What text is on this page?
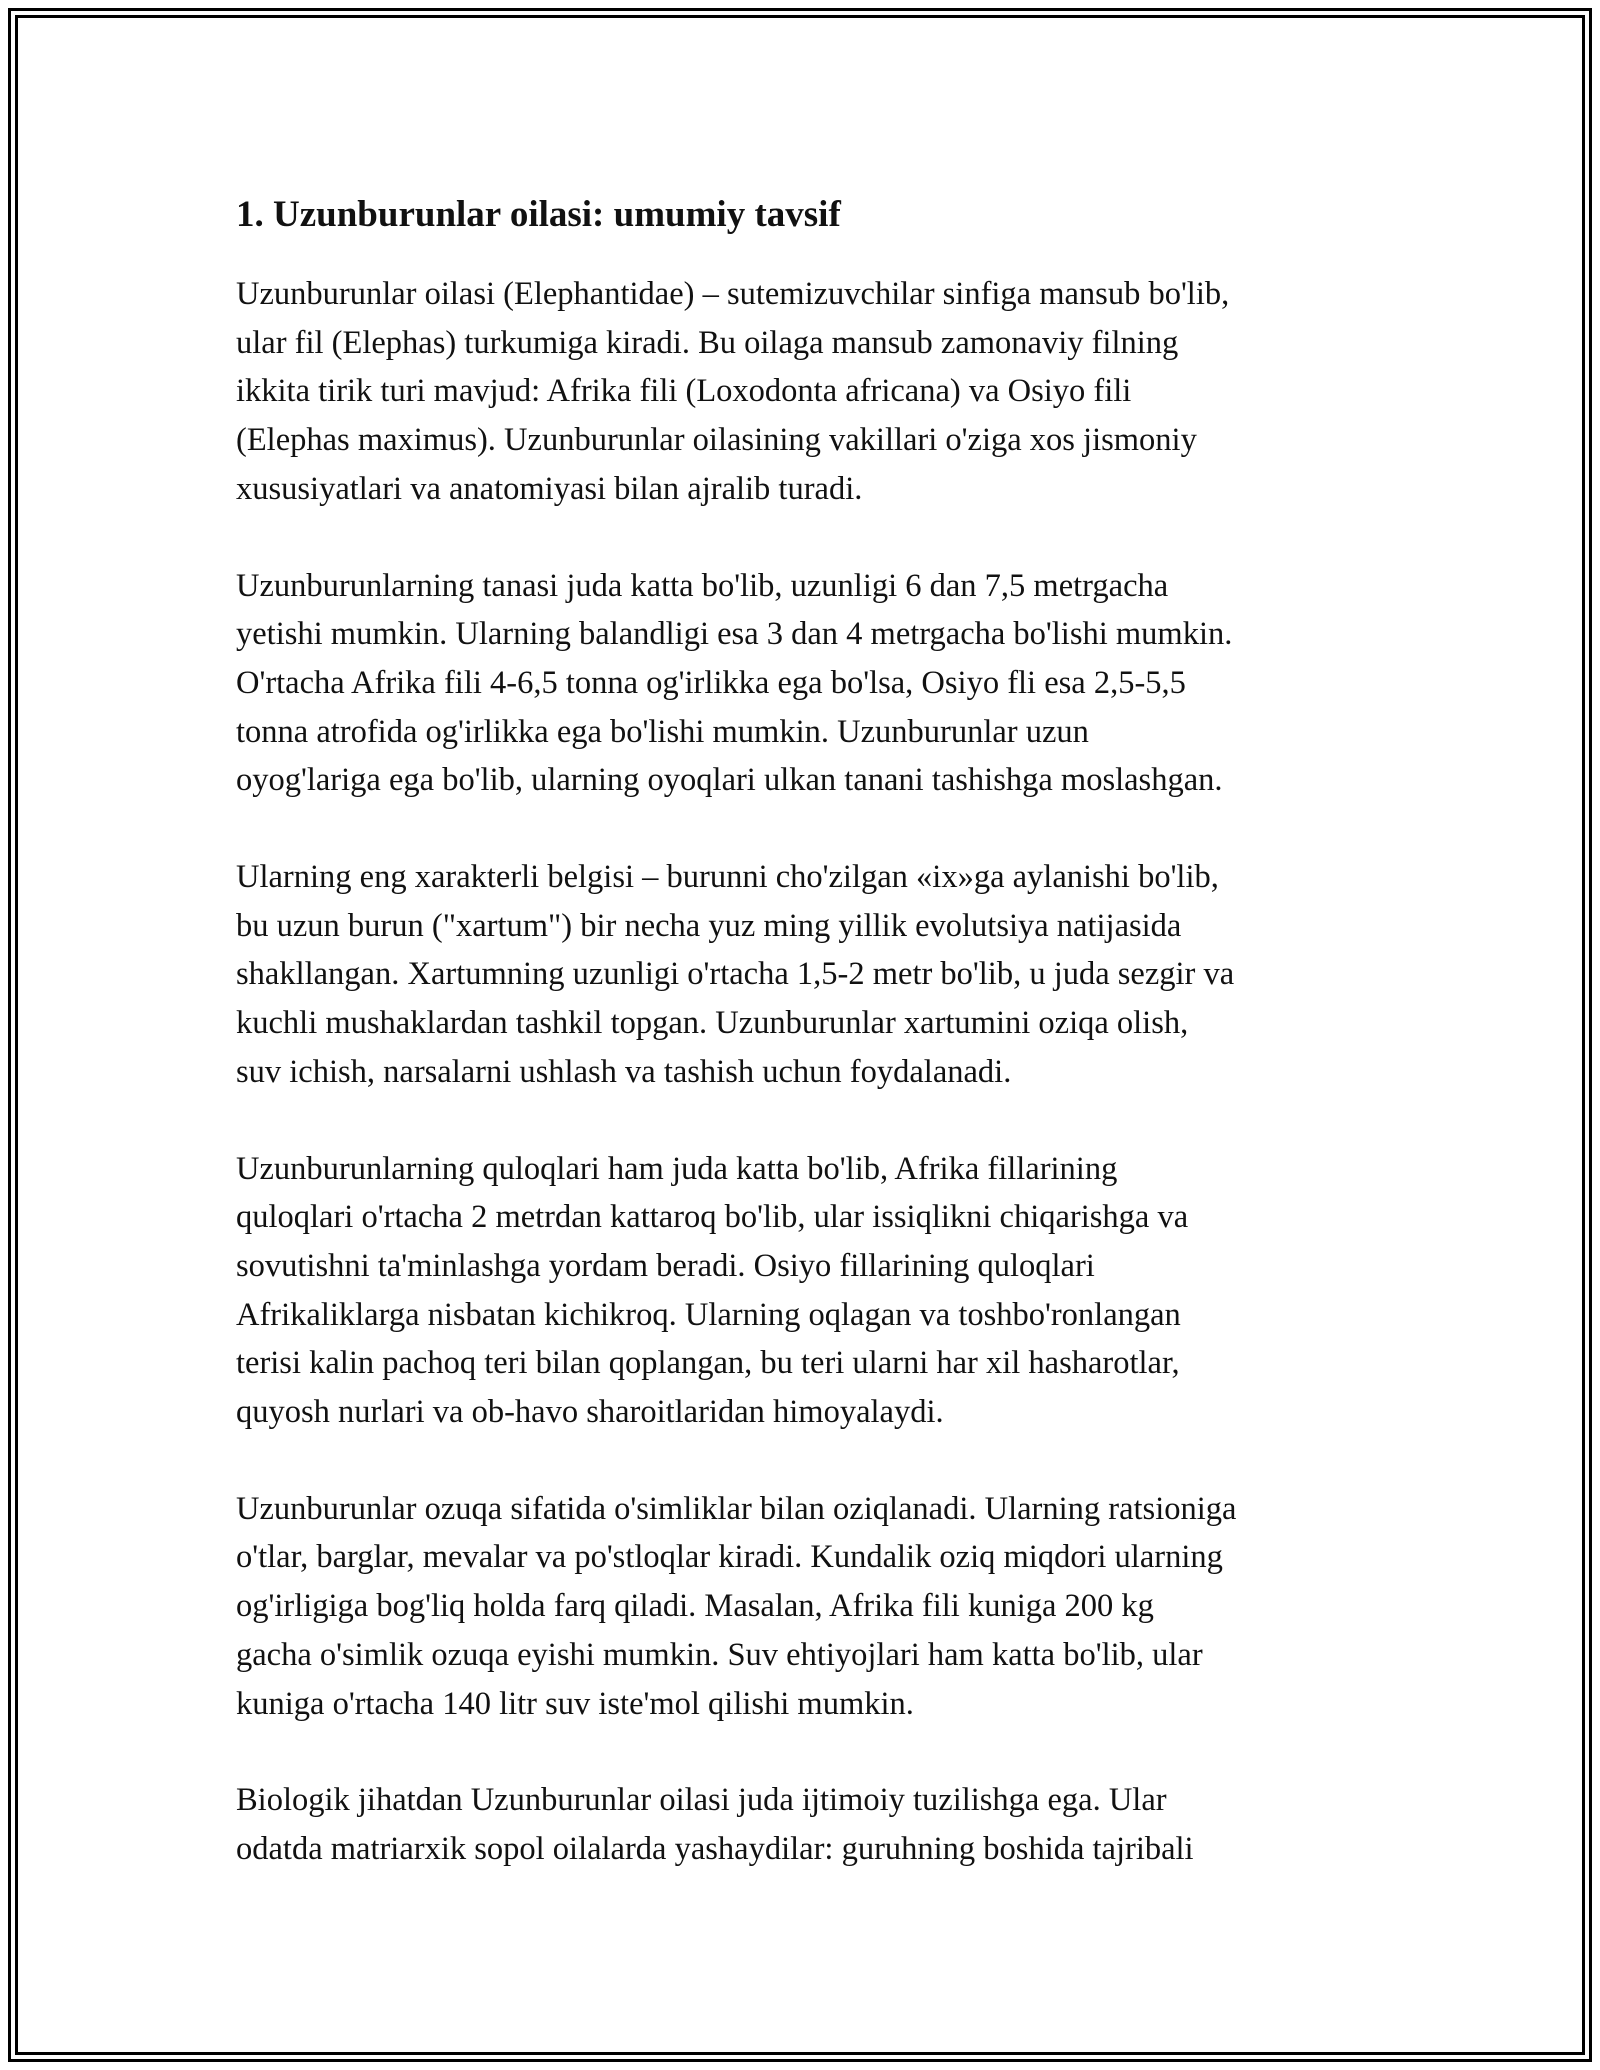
1. Uzunburunlar oilasi: umumiy tavsif

Uzunburunlar oilasi (Elephantidae) – sutemizuvchilar sinfiga mansub bo'lib,
ular fil (Elephas) turkumiga kiradi. Bu oilaga mansub zamonaviy filning
ikkita tirik turi mavjud: Afrika fili (Loxodonta africana) va Osiyo fili
(Elephas maximus). Uzunburunlar oilasining vakillari o'ziga xos jismoniy
xususiyatlari va anatomiyasi bilan ajralib turadi.

Uzunburunlarning tanasi juda katta bo'lib, uzunligi 6 dan 7,5 metrgacha
yetishi mumkin. Ularning balandligi esa 3 dan 4 metrgacha bo'lishi mumkin.
O'rtacha Afrika fili 4-6,5 tonna og'irlikka ega bo'lsa, Osiyo fli esa 2,5-5,5
tonna atrofida og'irlikka ega bo'lishi mumkin. Uzunburunlar uzun
oyog'lariga ega bo'lib, ularning oyoqlari ulkan tanani tashishga moslashgan.

Ularning eng xarakterli belgisi – burunni cho'zilgan «ix»ga aylanishi bo'lib,
bu uzun burun ("xartum") bir necha yuz ming yillik evolutsiya natijasida
shakllangan. Xartumning uzunligi o'rtacha 1,5-2 metr bo'lib, u juda sezgir va
kuchli mushaklardan tashkil topgan. Uzunburunlar xartumini oziqa olish,
suv ichish, narsalarni ushlash va tashish uchun foydalanadi.

Uzunburunlarning quloqlari ham juda katta bo'lib, Afrika fillarining
quloqlari o'rtacha 2 metrdan kattaroq bo'lib, ular issiqlikni chiqarishga va
sovutishni ta'minlashga yordam beradi. Osiyo fillarining quloqlari
Afrikaliklarga nisbatan kichikroq. Ularning oqlagan va toshbo'ronlangan
terisi kalin pachoq teri bilan qoplangan, bu teri ularni har xil hasharotlar,
quyosh nurlari va ob-havo sharoitlaridan himoyalaydi.

Uzunburunlar ozuqa sifatida o'simliklar bilan oziqlanadi. Ularning ratsioniga
o'tlar, barglar, mevalar va po'stloqlar kiradi. Kundalik oziq miqdori ularning
og'irligiga bog'liq holda farq qiladi. Masalan, Afrika fili kuniga 200 kg
gacha o'simlik ozuqa eyishi mumkin. Suv ehtiyojlari ham katta bo'lib, ular
kuniga o'rtacha 140 litr suv iste'mol qilishi mumkin.

Biologik jihatdan Uzunburunlar oilasi juda ijtimoiy tuzilishga ega. Ular
odatda matriarxik sopol oilalarda yashaydilar: guruhning boshida tajribali
